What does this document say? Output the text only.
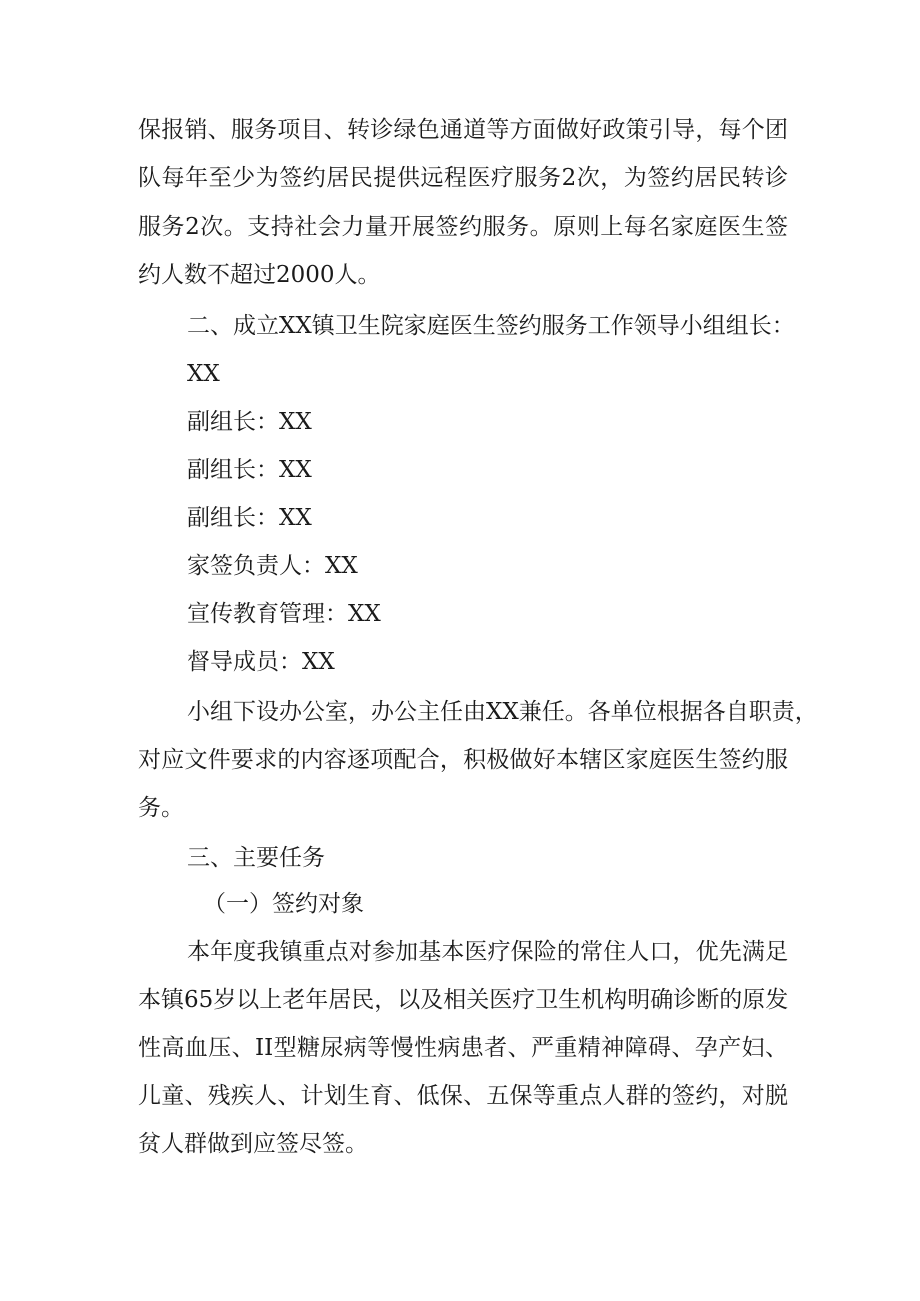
保报销、服务项目、转诊绿色通道等方面做好政策引导，每个团
队每年至少为签约居民提供远程医疗服务2次，为签约居民转诊
服务2次。支持社会力量开展签约服务。原则上每名家庭医生签
约人数不超过2000人。
二、成立XX镇卫生院家庭医生签约服务工作领导小组组长：
XX
副组长：XX
副组长：XX
副组长：XX
家签负责人：XX
宣传教育管理：XX
督导成员：XX
小组下设办公室，办公主任由XX兼任。各单位根据各自职责，
对应文件要求的内容逐项配合，积极做好本辖区家庭医生签约服
务。
三、主要任务
（一）签约对象
本年度我镇重点对参加基本医疗保险的常住人口，优先满足
本镇65岁以上老年居民，以及相关医疗卫生机构明确诊断的原发
性高血压、II型糖尿病等慢性病患者、严重精神障碍、孕产妇、
儿童、残疾人、计划生育、低保、五保等重点人群的签约，对脱
贫人群做到应签尽签。
